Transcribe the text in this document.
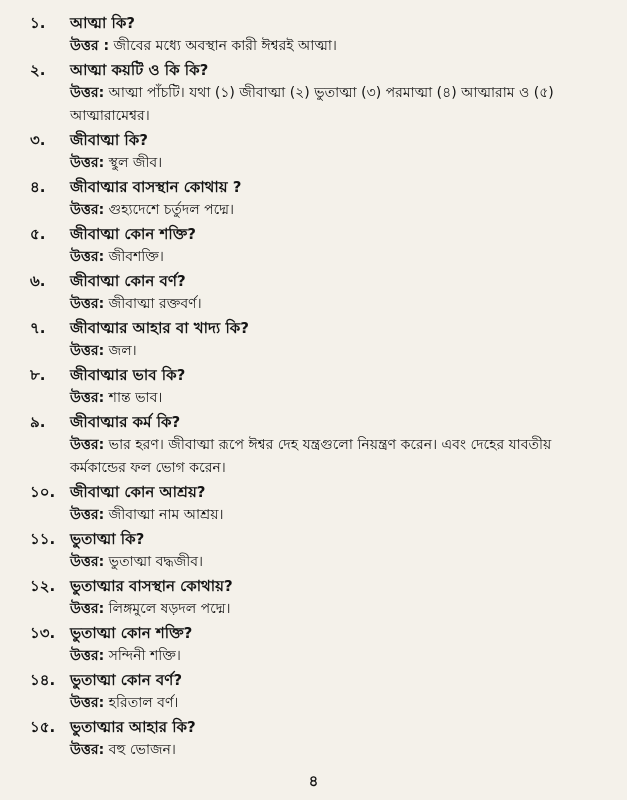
১.	আত্মা কি?
উত্তর : জীবের মধ্যে অবস্থান কারী ঈশ্বরই আত্মা।
২.	আত্মা কয়টি ও কি কি?
উত্তর: আত্মা পাঁচটি। যথা (১) জীবাত্মা (২) ভুতাত্মা (৩) পরমাত্মা (৪) আত্মারাম ও (৫) আত্মারামেশ্বর।
৩.	জীবাত্মা কি?
উত্তর: স্থুল জীব।
৪.	জীবাত্মার বাসস্থান কোথায় ?
উত্তর: গুহ্যদেশে চর্তুদল পদ্মে।
৫.	জীবাত্মা কোন শক্তি?
উত্তর: জীবশক্তি।
৬.	জীবাত্মা কোন বর্ণ?
উত্তর: জীবাত্মা রক্তবর্ণ।
৭.	জীবাত্মার আহার বা খাদ্য কি?
উত্তর: জল।
৮.	জীবাত্মার ভাব কি?
উত্তর: শান্ত ভাব।
৯.	জীবাত্মার কর্ম কি?
উত্তর: ভার হরণ। জীবাত্মা রূপে ঈশ্বর দেহ যন্ত্রগুলো নিয়ন্ত্রণ করেন। এবং দেহের যাবতীয় কর্মকান্ডের ফল ভোগ করেন।
১০. জীবাত্মা কোন আশ্রয়?
উত্তর: জীবাত্মা নাম আশ্রয়।
১১. ভুতাত্মা কি?
উত্তর: ভুতাত্মা বদ্ধজীব।
১২. ভুতাত্মার বাসস্থান কোথায়?
উত্তর: লিঙ্গমুলে ষড়দল পদ্মে।
১৩. ভুতাত্মা কোন শক্তি?
উত্তর: সন্দিনী শক্তি।
১৪. ভুতাত্মা কোন বর্ণ?
উত্তর: হরিতাল বর্ণ।
১৫. ভুতাত্মার আহার কি?
উত্তর: বহু ভোজন।
৪
